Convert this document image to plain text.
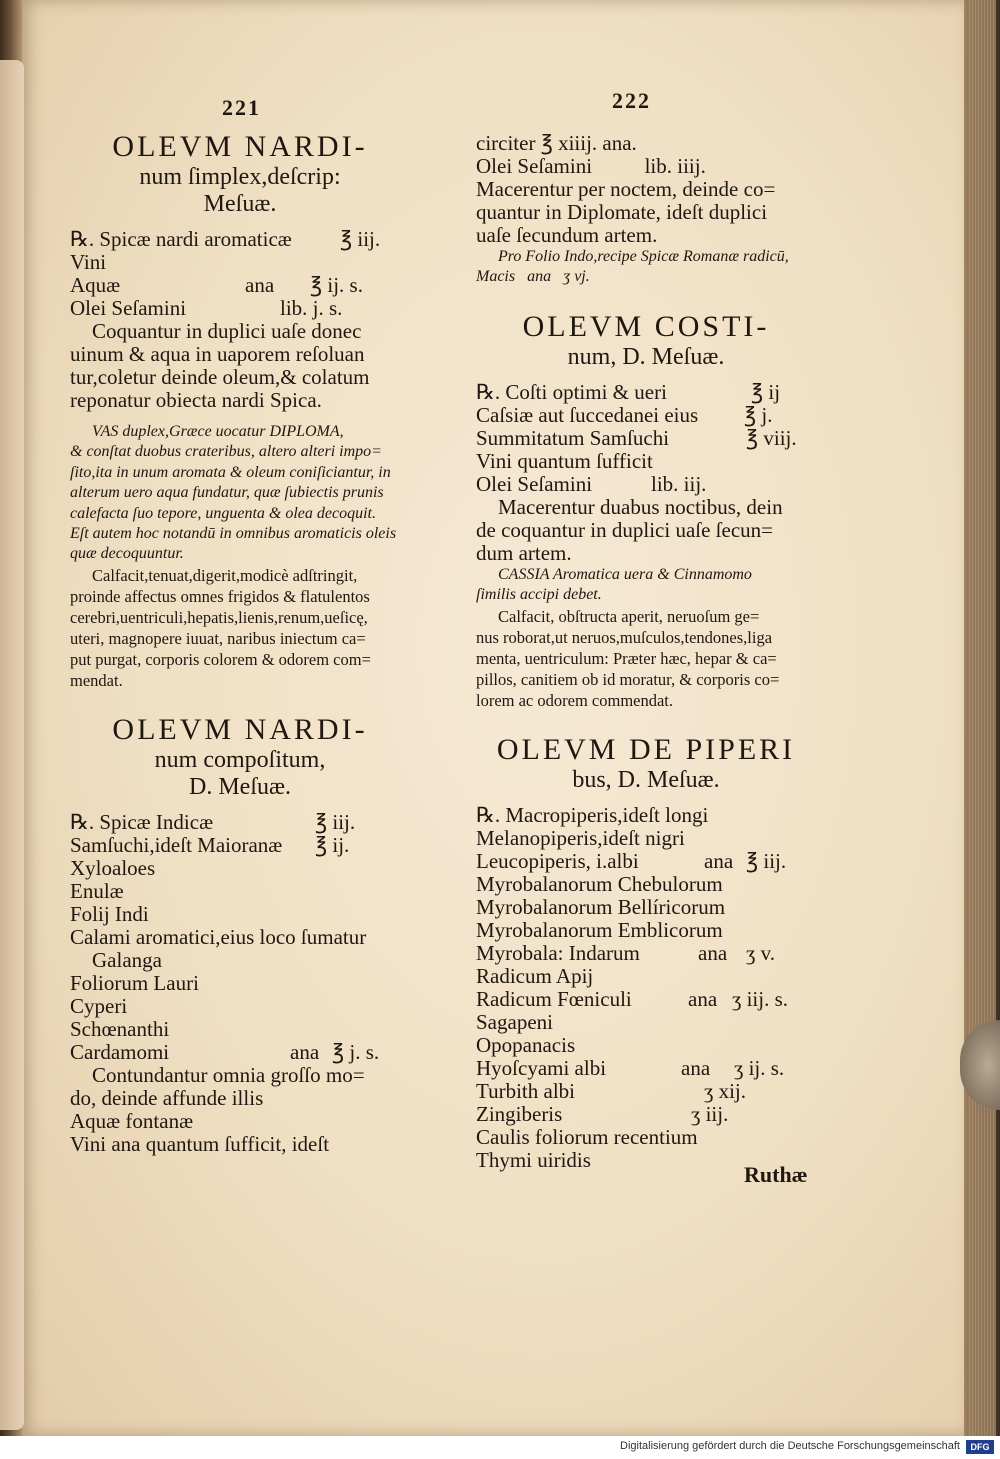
221
OLEVM NARDI-
num ſimplex,deſcrip:
Meſuæ.
℞. Spicæ nardi aromaticæ ℥ iij.
Vini
Aquæ	ana ℥ ij. s.
Olei Seſamini	lib. j. s.
Coquantur in duplici uaſe donec
uinum & aqua in uaporem reſoluan
tur,coletur deinde oleum,& colatum
reponatur obiecta nardi Spica.
VAS duplex,Græce uocatur DIPLOMA,
& conſtat duobus crateribus, altero alteri impo=
ſito,ita in unum aromata & oleum coniſiciantur, in
alterum uero aqua fundatur, quæ ſubiectis prunis
calefacta ſuo tepore, unguenta & olea decoquit.
Eſt autem hoc notandū in omnibus aromaticis oleis
quæ decoquuntur.
Calfacit,tenuat,digerit,modicè adſtringit,
proinde affectus omnes frigidos & flatulentos
cerebri,uentriculi,hepatis,lienis,renum,ueſicę,
uteri, magnopere iuuat, naribus iniectum ca=
put purgat, corporis colorem & odorem com=
mendat.
OLEVM NARDI-
num compoſitum,
D. Meſuæ.
℞. Spicæ Indicæ	℥ iij.
Samſuchi,ideſt Maioranæ ℥ ij.
Xyloaloes
Enulæ
Folij Indi
Calami aromatici,eius loco ſumatur
Galanga
Foliorum Lauri
Cyperi
Schœnanthi
Cardamomi	ana ℥ j. s.
Contundantur omnia groſſo mo=
do, deinde affunde illis
Aquæ fontanæ
Vini ana quantum ſufficit, ideſt
222
circiter ℥ xiiij. ana.
Olei Seſamini          lib. iiij.
Macerentur per noctem, deinde co=
quantur in Diplomate, ideſt duplici
uaſe ſecundum artem.
Pro Folio Indo,recipe Spicæ Romanæ radicū,
Macis   ana   ʒ vj.
OLEVM COSTI-
num, D. Meſuæ.
℞. Coſti optimi & ueri	℥ ij
Caſsiæ aut ſuccedanei eius ℥ j.
Summitatum Samſuchi	℥ viij.
Vini quantum ſufficit
Olei Seſamini	lib. iij.
Macerentur duabus noctibus, dein
de coquantur in duplici uaſe ſecun=
dum artem.
CASSIA Aromatica uera & Cinnamomo
ſimilis accipi debet.
Calfacit, obſtructa aperit, neruoſum ge=
nus roborat,ut neruos,muſculos,tendones,liga
menta, uentriculum: Præter hæc, hepar & ca=
pillos, canitiem ob id moratur, & corporis co=
lorem ac odorem commendat.
OLEVM DE PIPERI
bus, D. Meſuæ.
℞. Macropiperis,ideſt longi
Melanopiperis,ideſt nigri
Leucopiperis, i.albi	ana ℥ iij.
Myrobalanorum Chebulorum
Myrobalanorum Bellíricorum
Myrobalanorum Emblicorum
Myrobala: Indarum	ana ʒ v.
Radicum Apij
Radicum Fœniculi	ana ʒ iij. s.
Sagapeni
Opopanacis
Hyoſcyami albi	ana ʒ ij. s.
Turbith albi	ʒ xij.
Zingiberis	ʒ iij.
Caulis foliorum recentium
Thymi uiridis
Ruthæ
Digitalisierung gefördert durch die Deutsche Forschungsgemeinschaft	DFG
